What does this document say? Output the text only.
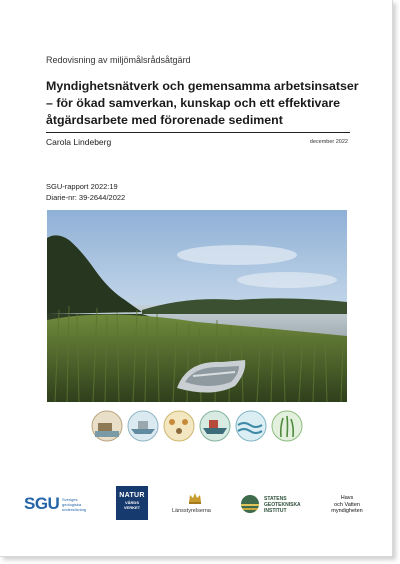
Redovisning av miljömålsrådsåtgärd
Myndighetsnätverk och gemensamma arbetsinsatser
– för ökad samverkan, kunskap och ett effektivare
åtgärdsarbete med förorenade sediment
Carola Lindeberg	december 2022
SGU-rapport 2022:19
Diarie-nr: 39-2644/2022
SGU Sveriges
geologiska
undersökning
NATUR
VÅRDS
VERKET
Länsstyrelserna
STATENS
GEOTEKNISKA
INSTITUT
Havs
och Vatten
myndigheten
